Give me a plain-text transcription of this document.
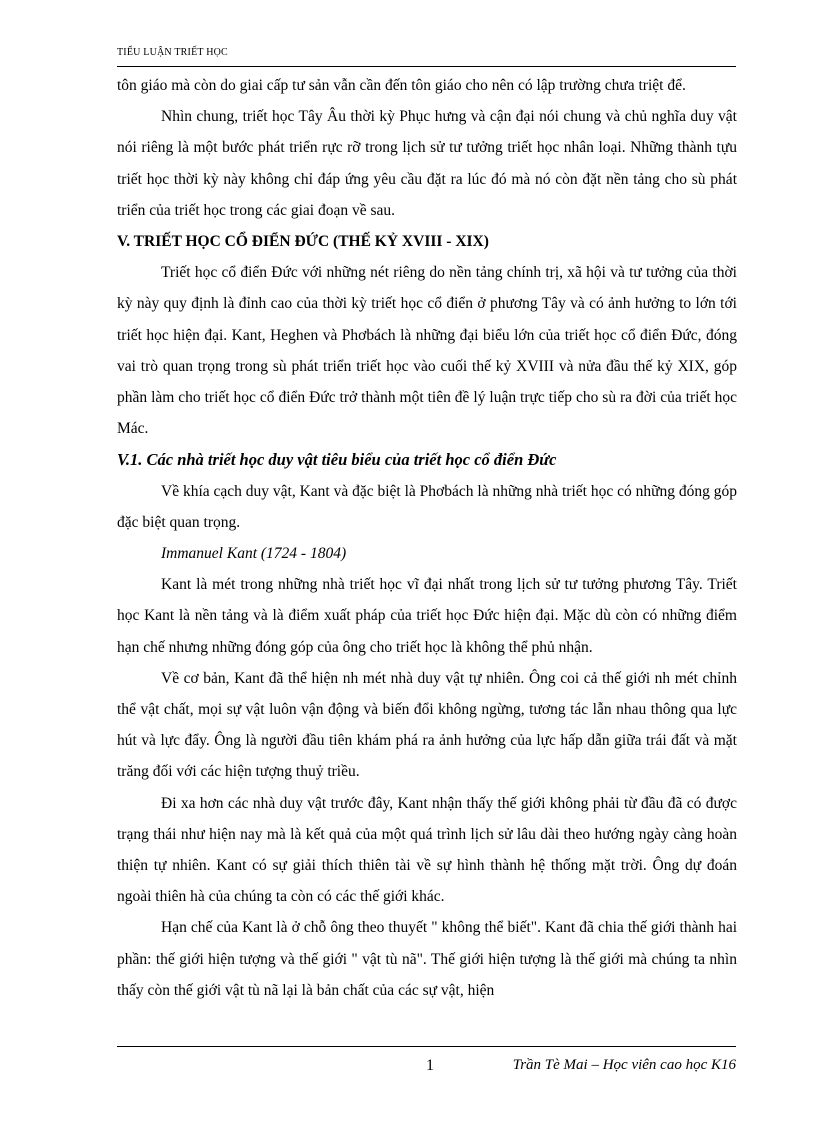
TIỂU LUẬN TRIẾT HỌC

tôn giáo mà còn do giai cấp tư sản vẫn cần đến tôn giáo cho nên có lập trường chưa triệt để.

Nhìn chung, triết học Tây Âu thời kỳ Phục hưng và cận đại nói chung và chủ nghĩa duy vật nói riêng là một bước phát triển rực rỡ trong lịch sử tư tưởng triết học nhân loại. Những thành tựu triết học thời kỳ này không chỉ đáp ứng yêu cầu đặt ra lúc đó mà nó còn đặt nền tảng cho sù phát triển của triết học trong các giai đoạn về sau.

V. TRIẾT HỌC CỔ ĐIỂN ĐỨC (THẾ KỶ XVIII - XIX)

Triết học cổ điển Đức với những nét riêng do nền tảng chính trị, xã hội và tư tưởng của thời kỳ này quy định là đỉnh cao của thời kỳ triết học cổ điển ở phương Tây và có ảnh hưởng to lớn tới triết học hiện đại. Kant, Heghen và Phơbách là những đại biểu lớn của triết học cổ điển Đức, đóng vai trò quan trọng trong sù phát triển triết học vào cuối thế kỷ XVIII và nửa đầu thế kỷ XIX, góp phần làm cho triết học cổ điển Đức trở thành một tiên đề lý luận trực tiếp cho sù ra đời của triết học Mác.

V.1. Các nhà triết học duy vật tiêu biểu của triết học cổ điển Đức

Về khía cạch duy vật, Kant và đặc biệt là Phơbách là những nhà triết học có những đóng góp đặc biệt quan trọng.

Immanuel Kant (1724 - 1804)

Kant là mét trong những nhà triết học vĩ đại nhất trong lịch sử tư tưởng phương Tây. Triết học Kant là nền tảng và là điểm xuất pháp của triết học Đức hiện đại. Mặc dù còn có những điểm hạn chế nhưng những đóng góp của ông cho triết học là không thể phủ nhận.

Về cơ bản, Kant đã thể hiện nh mét nhà duy vật tự nhiên. Ông coi cả thế giới nh mét chỉnh thể vật chất, mọi sự vật luôn vận động và biến đổi không ngừng, tương tác lẫn nhau thông qua lực hút và lực đẩy. Ông là người đầu tiên khám phá ra ảnh hưởng của lực hấp dẫn giữa trái đất và mặt trăng đối với các hiện tượng thuỷ triều.

Đi xa hơn các nhà duy vật trước đây, Kant nhận thấy thế giới không phải từ đầu đã có được trạng thái như hiện nay mà là kết quả của một quá trình lịch sử lâu dài theo hướng ngày càng hoàn thiện tự nhiên. Kant có sự giải thích thiên tài về sự hình thành hệ thống mặt trời. Ông dự đoán ngoài thiên hà của chúng ta còn có các thế giới khác.

Hạn chế của Kant là ở chỗ ông theo thuyết " không thể biết". Kant đã chia thế giới thành hai phần: thế giới hiện tượng và thế giới " vật tù nã". Thế giới hiện tượng là thế giới mà chúng ta nhìn thấy còn thế giới vật tù nã lại là bản chất của các sự vật, hiện

1	Trần Tè Mai – Học viên cao học K16
